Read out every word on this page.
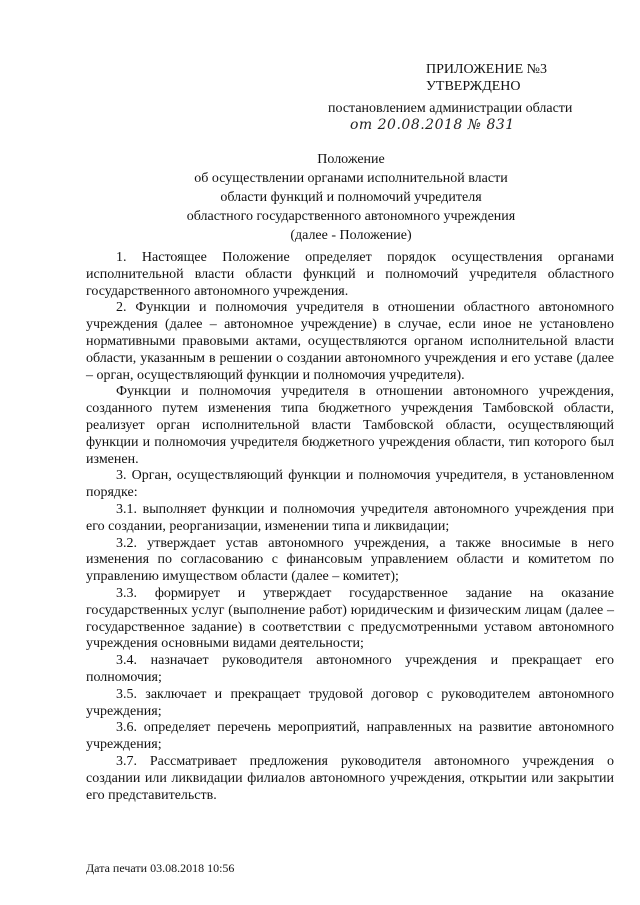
ПРИЛОЖЕНИЕ №3
УТВЕРЖДЕНО
постановлением администрации области
от 20.08.2018 № 831
Положение
об осуществлении органами исполнительной власти
области функций и полномочий учредителя
областного государственного автономного учреждения
(далее - Положение)

1. Настоящее Положение определяет порядок осуществления органами исполнительной власти области функций и полномочий учредителя областного государственного автономного учреждения.

2. Функции и полномочия учредителя в отношении областного автономного учреждения (далее – автономное учреждение) в случае, если иное не установлено нормативными правовыми актами, осуществляются органом исполнительной власти области, указанным в решении о создании автономного учреждения и его уставе (далее – орган, осуществляющий функции и полномочия учредителя).

Функции и полномочия учредителя в отношении автономного учреждения, созданного путем изменения типа бюджетного учреждения Тамбовской области, реализует орган исполнительной власти Тамбовской области, осуществляющий функции и полномочия учредителя бюджетного учреждения области, тип которого был изменен.

3. Орган, осуществляющий функции и полномочия учредителя, в установленном порядке:

3.1. выполняет функции и полномочия учредителя автономного учреждения при его создании, реорганизации, изменении типа и ликвидации;

3.2. утверждает устав автономного учреждения, а также вносимые в него изменения по согласованию с финансовым управлением области и комитетом по управлению имуществом области (далее – комитет);

3.3. формирует и утверждает государственное задание на оказание государственных услуг (выполнение работ) юридическим и физическим лицам (далее – государственное задание) в соответствии с предусмотренными уставом автономного учреждения основными видами деятельности;

3.4. назначает руководителя автономного учреждения и прекращает его полномочия;

3.5. заключает и прекращает трудовой договор с руководителем автономного учреждения;

3.6. определяет перечень мероприятий, направленных на развитие автономного учреждения;

3.7. Рассматривает предложения руководителя автономного учреждения о создании или ликвидации филиалов автономного учреждения, открытии или закрытии его представительств.

Дата печати 03.08.2018 10:56
